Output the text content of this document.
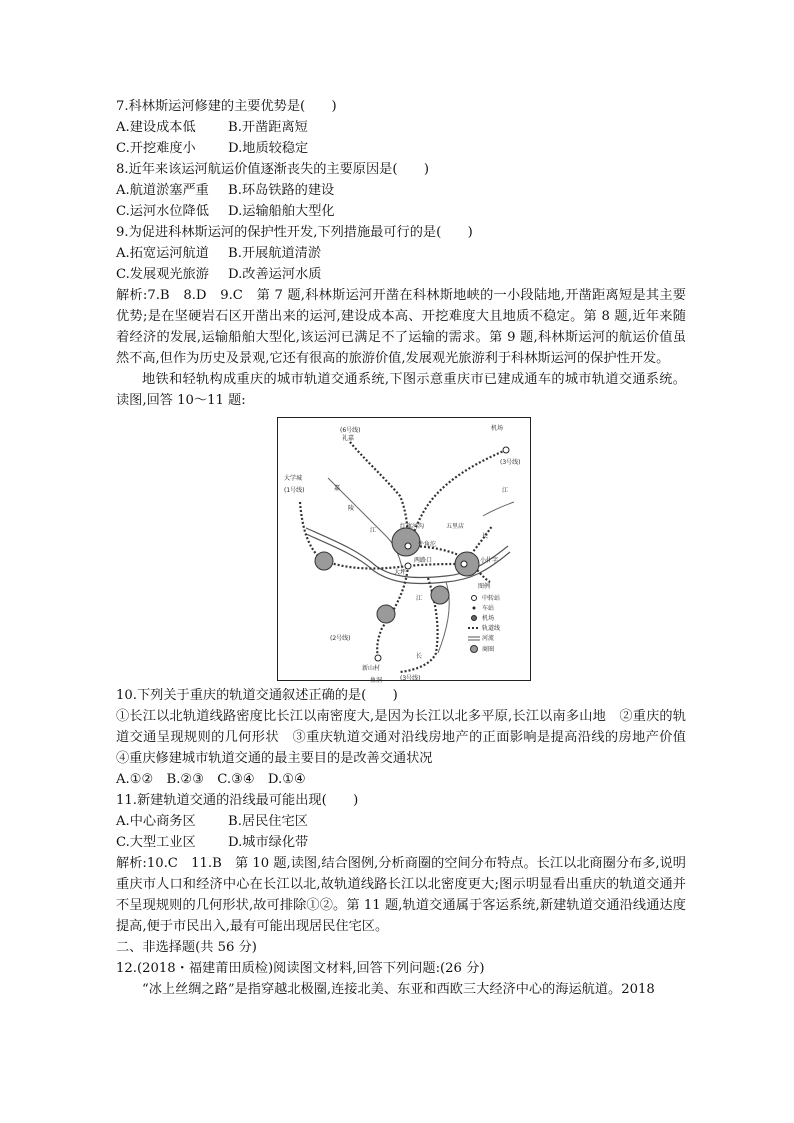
7.科林斯运河修建的主要优势是(　　)
A.建设成本低 B.开凿距离短
C.开挖难度小 D.地质较稳定
8.近年来该运河航运价值逐渐丧失的主要原因是(　　)
A.航道淤塞严重 B.环岛铁路的建设
C.运河水位降低 D.运输船舶大型化
9.为促进科林斯运河的保护性开发,下列措施最可行的是(　　)
A.拓宽运河航道 B.开展航道清淤
C.发展观光旅游 D.改善运河水质
解析:7.B　8.D　9.C　第 7 题,科林斯运河开凿在科林斯地峡的一小段陆地,开凿距离短是其主要优势;是在坚硬岩石区开凿出来的运河,建设成本高、开挖难度大且地质不稳定。第 8 题,近年来随着经济的发展,运输船舶大型化,该运河已满足不了运输的需求。第 9 题,科林斯运河的航运价值虽然不高,但作为历史及景观,它还有很高的旅游价值,发展观光旅游利于科林斯运河的保护性开发。
地铁和轻轨构成重庆的城市轨道交通系统,下图示意重庆市已建成通车的城市轨道交通系统。读图,回答 10～11 题:
机场
(3号线)
(6号线)
礼嘉
大学城
(1号线)	嘉
陵
江
江
红旗河沟	五里店
牛角沱
两路口	小什字
大坪
长
长
江
(2号线)
新山村
鱼洞	(3号线)
图例
中转站
车站
机场
轨道线
河流
商圈
10.下列关于重庆的轨道交通叙述正确的是(　　)
①长江以北轨道线路密度比长江以南密度大,是因为长江以北多平原,长江以南多山地　②重庆的轨道交通呈现规则的几何形状　③重庆轨道交通对沿线房地产的正面影响是提高沿线的房地产价值　④重庆修建城市轨道交通的最主要目的是改善交通状况
A.①②　B.②③　C.③④　D.①④
11.新建轨道交通的沿线最可能出现(　　)
A.中心商务区 B.居民住宅区
C.大型工业区 D.城市绿化带
解析:10.C　11.B　第 10 题,读图,结合图例,分析商圈的空间分布特点。长江以北商圈分布多,说明重庆市人口和经济中心在长江以北,故轨道线路长江以北密度更大;图示明显看出重庆的轨道交通并不呈现规则的几何形状,故可排除①②。第 11 题,轨道交通属于客运系统,新建轨道交通沿线通达度提高,便于市民出入,最有可能出现居民住宅区。
二、非选择题(共 56 分)
12.(2018・福建莆田质检)阅读图文材料,回答下列问题:(26 分)
“冰上丝绸之路”是指穿越北极圈,连接北美、东亚和西欧三大经济中心的海运航道。2018
